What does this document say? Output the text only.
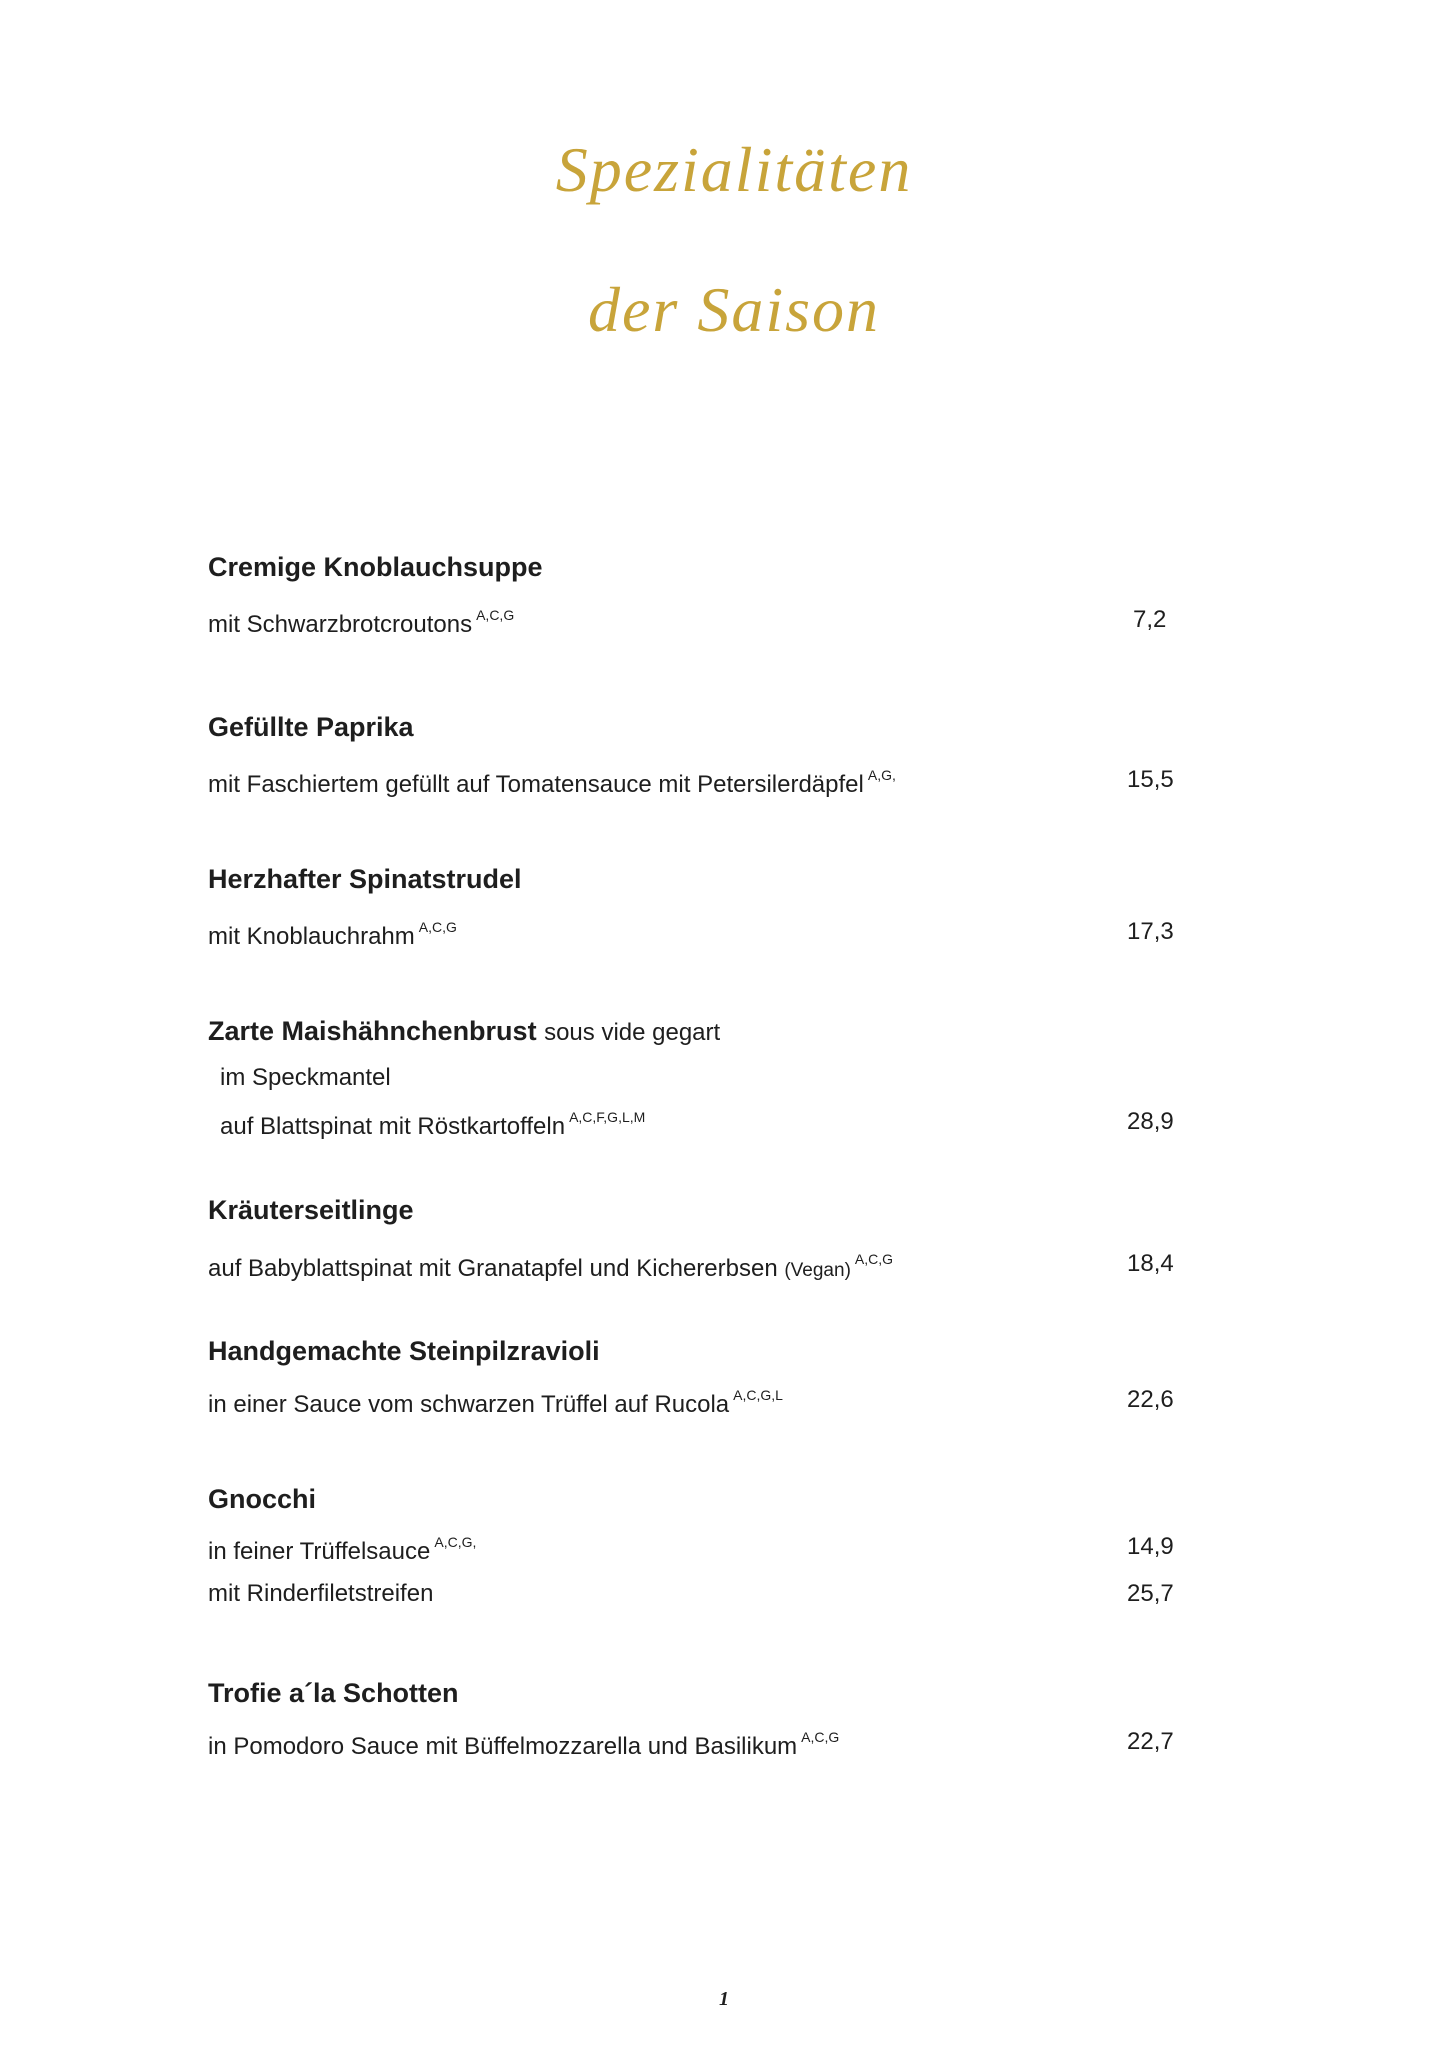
Spezialitäten
der Saison
Cremige Knoblauchsuppe
mit Schwarzbrotcroutons $^{A,C,G}$	7,2
Gefüllte Paprika
mit Faschiertem gefüllt auf Tomatensauce mit Petersilerdäpfel $^{A,G,}$	15,5
Herzhafter Spinatstrudel
mit Knoblauchrahm $^{A,C,G}$	17,3
Zarte Maishähnchenbrust sous vide gegart
im Speckmantel
auf Blattspinat mit Röstkartoffeln $^{A,C,F,G,L,M}$	28,9
Kräuterseitlinge
auf Babyblattspinat mit Granatapfel und Kichererbsen (Vegan)$^{A,C,G}$	18,4
Handgemachte Steinpilzravioli
in einer Sauce vom schwarzen Trüffel auf Rucola $^{A,C,G,L}$	22,6
Gnocchi
in feiner Trüffelsauce $^{A,C,G,}$	14,9
mit Rinderfiletstreifen	25,7
Trofie a´la Schotten
in Pomodoro Sauce mit Büffelmozzarella und Basilikum $^{A,C,G}$	22,7
1
